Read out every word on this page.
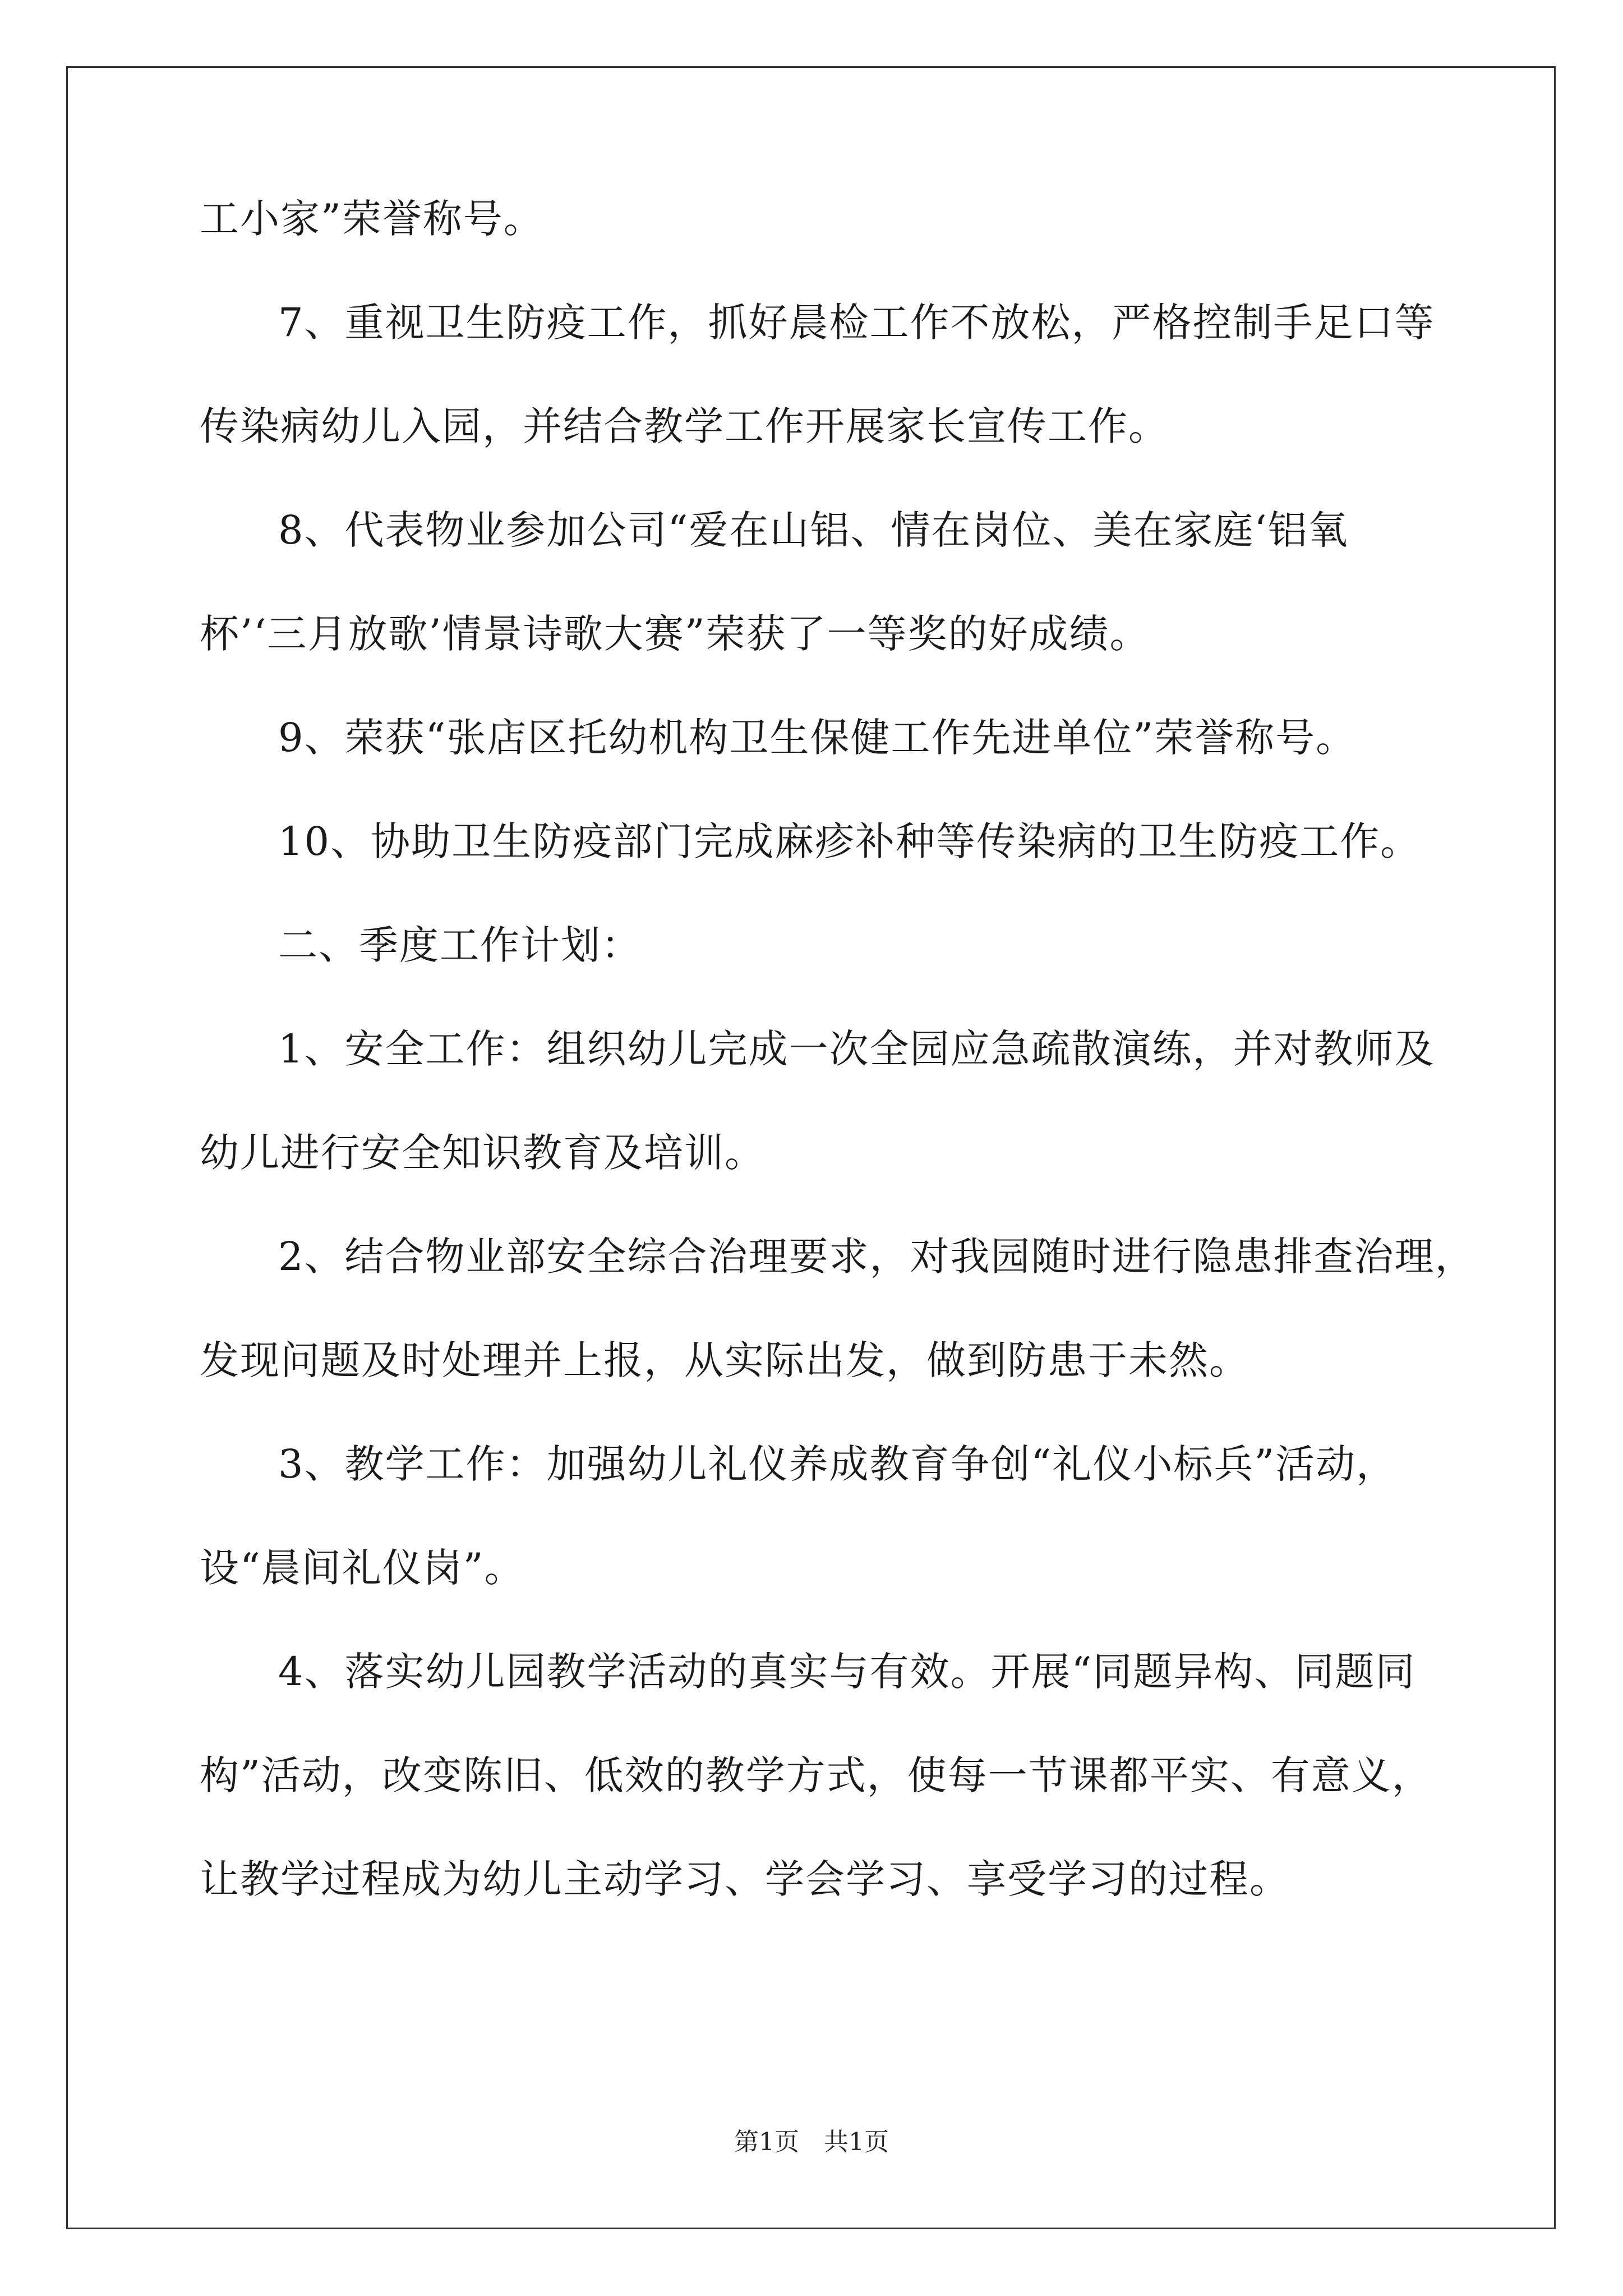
工小家”荣誉称号。
7、重视卫生防疫工作，抓好晨检工作不放松，严格控制手足口等
传染病幼儿入园，并结合教学工作开展家长宣传工作。
8、代表物业参加公司“爱在山铝、情在岗位、美在家庭‘铝氧
杯’‘三月放歌’情景诗歌大赛”荣获了一等奖的好成绩。
9、荣获“张店区托幼机构卫生保健工作先进单位”荣誉称号。
10、协助卫生防疫部门完成麻疹补种等传染病的卫生防疫工作。
二、季度工作计划：
1、安全工作：组织幼儿完成一次全园应急疏散演练，并对教师及
幼儿进行安全知识教育及培训。
2、结合物业部安全综合治理要求，对我园随时进行隐患排查治理，
发现问题及时处理并上报，从实际出发，做到防患于未然。
3、教学工作：加强幼儿礼仪养成教育争创“礼仪小标兵”活动，
设“晨间礼仪岗”。
4、落实幼儿园教学活动的真实与有效。开展“同题异构、同题同
构”活动，改变陈旧、低效的教学方式，使每一节课都平实、有意义，
让教学过程成为幼儿主动学习、学会学习、享受学习的过程。
第1页　共1页
